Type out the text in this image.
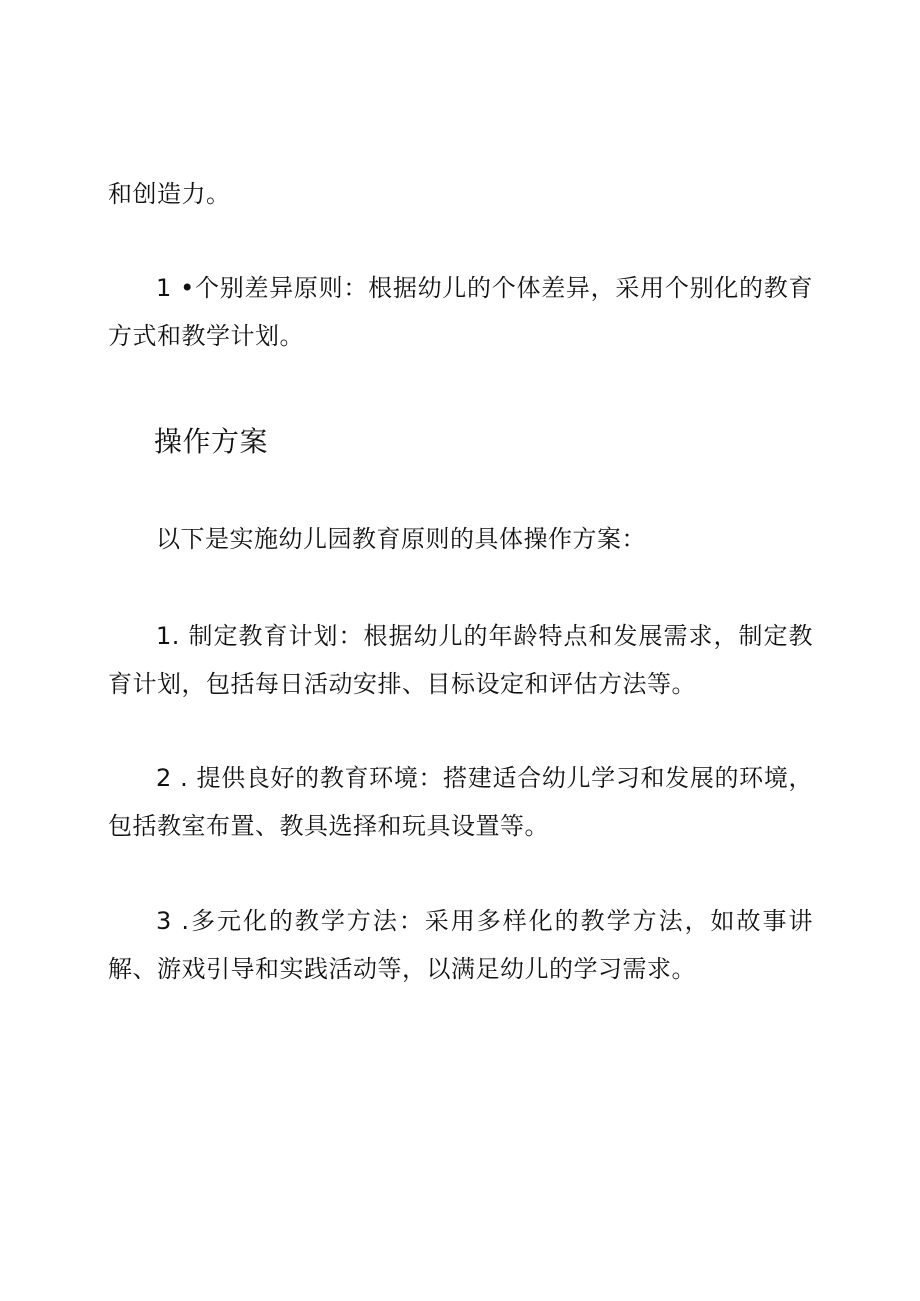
和创造力。

1 •个别差异原则：根据幼儿的个体差异，采用个别化的教育方式和教学计划。

操作方案

以下是实施幼儿园教育原则的具体操作方案：

1. 制定教育计划：根据幼儿的年龄特点和发展需求，制定教育计划，包括每日活动安排、目标设定和评估方法等。

2 . 提供良好的教育环境：搭建适合幼儿学习和发展的环境，包括教室布置、教具选择和玩具设置等。

3 .多元化的教学方法：采用多样化的教学方法，如故事讲解、游戏引导和实践活动等，以满足幼儿的学习需求。
